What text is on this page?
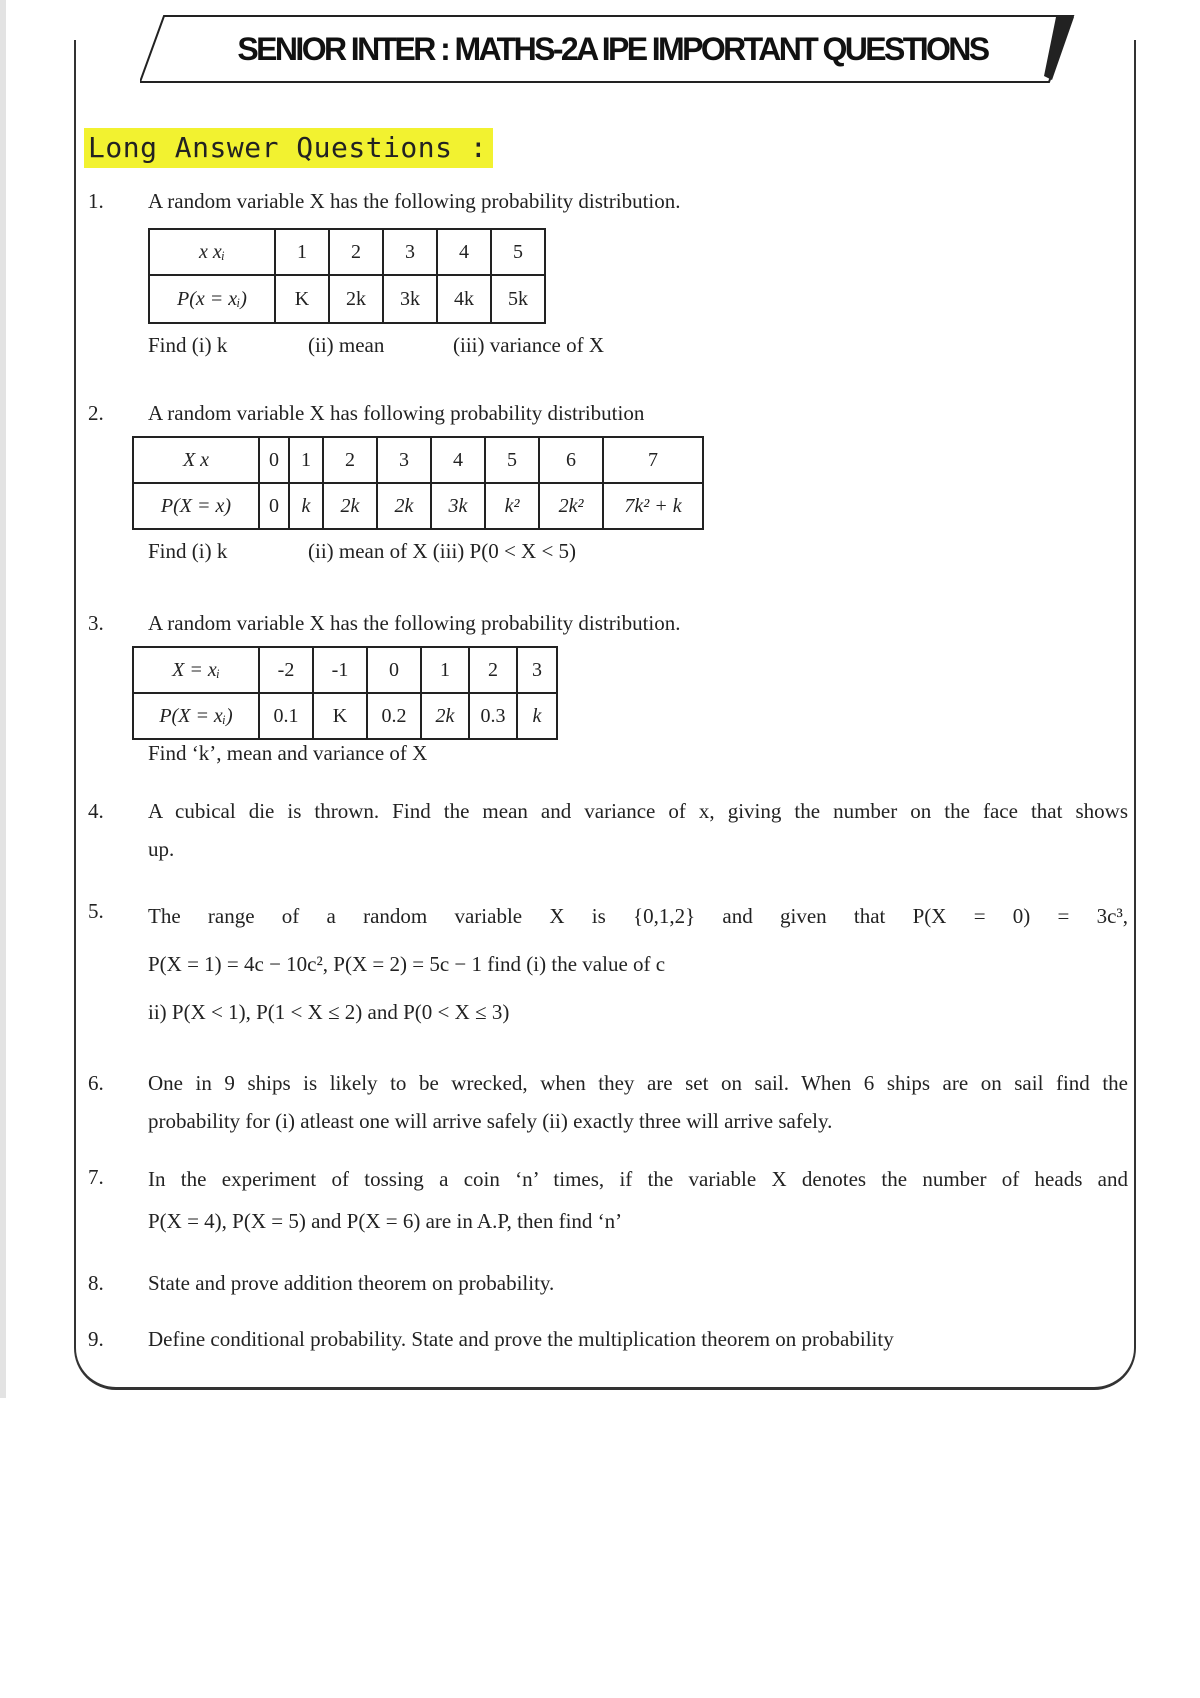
SENIOR INTER : MATHS-2A IPE IMPORTANT QUESTIONS
Long Answer Questions :
1.	A random variable X has the following probability distribution.
x xᵢ	1	2	3	4	5
P(x = xᵢ)	K	2k	3k	4k	5k
Find (i) k	(ii) mean	(iii) variance of X
2.	A random variable X has following probability distribution
X x	0	1	2	3	4	5	6	7
P(X = x)	0	k	2k	2k	3k	k²	2k²	7k² + k
Find (i) k	(ii) mean of X (iii) P(0 < X < 5)
3.	A random variable X has the following probability distribution.
X = xᵢ	-2	-1	0	1	2	3
P(X = xᵢ)	0.1	K	0.2	2k	0.3	k
Find ‘k’, mean and variance of X
4.	A cubical die is thrown. Find the mean and variance of x, giving the number on the face that shows
up.
5.	The range of a random variable X is {0,1,2} and given that P(X = 0) = 3c³,
P(X = 1) = 4c − 10c², P(X = 2) = 5c − 1 find (i) the value of c
ii) P(X < 1), P(1 < X ≤ 2) and P(0 < X ≤ 3)
6.	One in 9 ships is likely to be wrecked, when they are set on sail. When 6 ships are on sail find the
probability for (i) atleast one will arrive safely (ii) exactly three will arrive safely.
7.	In the experiment of tossing a coin ‘n’ times, if the variable X denotes the number of heads and
P(X = 4), P(X = 5) and P(X = 6) are in A.P, then find ‘n’
8.	State and prove addition theorem on probability.
9.	Define conditional probability. State and prove the multiplication theorem on probability
